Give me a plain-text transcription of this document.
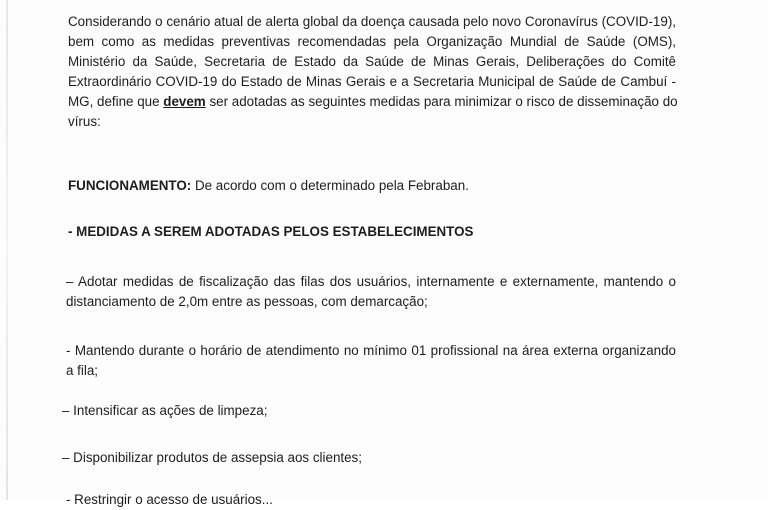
Considerando o cenário atual de alerta global da doença causada pelo novo Coronavírus (COVID-19),
bem como as medidas preventivas recomendadas pela Organização Mundial de Saúde (OMS),
Ministério da Saúde, Secretaria de Estado da Saúde de Minas Gerais, Deliberações do Comitê
Extraordinário COVID-19 do Estado de Minas Gerais e a Secretaria Municipal de Saúde de Cambuí -
MG, define que devem ser adotadas as seguintes medidas para minimizar o risco de disseminação do
vírus:
FUNCIONAMENTO: De acordo com o determinado pela Febraban.
- MEDIDAS A SEREM ADOTADAS PELOS ESTABELECIMENTOS
– Adotar medidas de fiscalização das filas dos usuários, internamente e externamente, mantendo o
distanciamento de 2,0m entre as pessoas, com demarcação;
- Mantendo durante o horário de atendimento no mínimo 01 profissional na área externa organizando
a fila;
– Intensificar as ações de limpeza;
– Disponibilizar produtos de assepsia aos clientes;
- Restringir o acesso de usuários...
